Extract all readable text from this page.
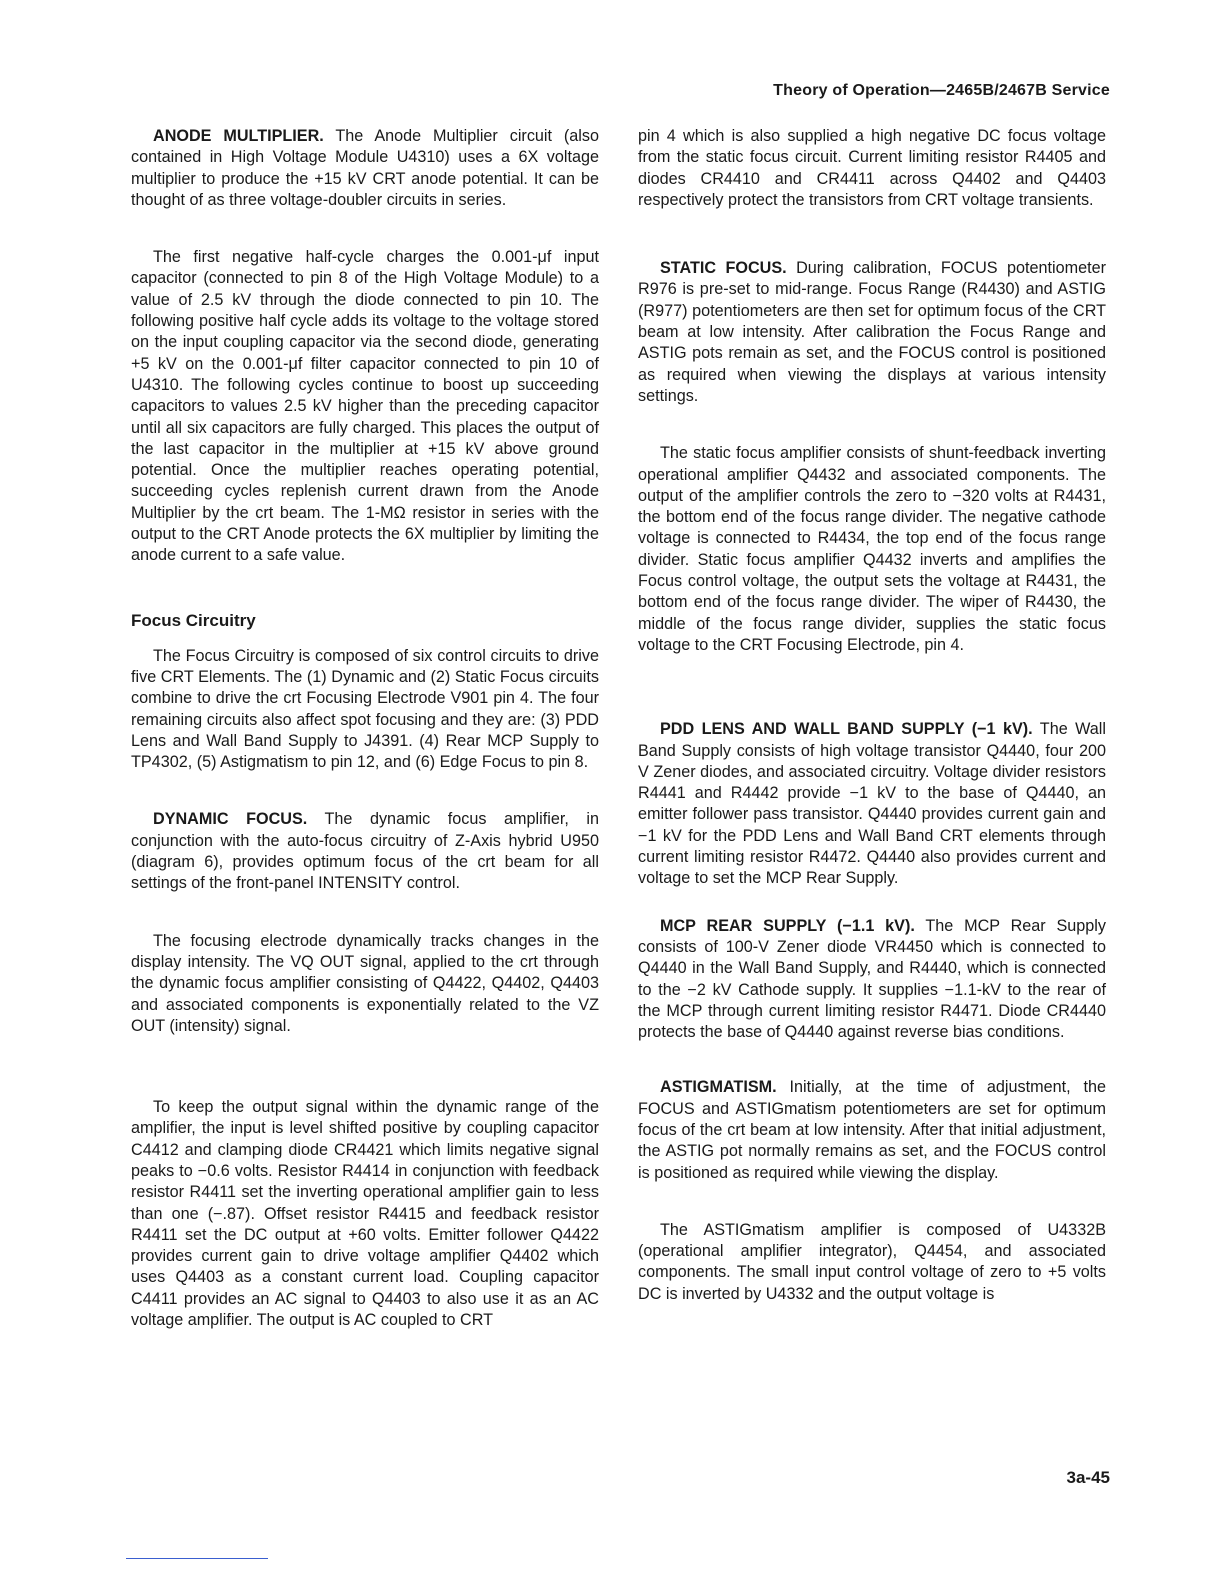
Theory of Operation—2465B/2467B Service

ANODE MULTIPLIER. The Anode Multiplier circuit (also contained in High Voltage Module U4310) uses a 6X voltage multiplier to produce the +15 kV CRT anode potential. It can be thought of as three voltage-doubler circuits in series.

The first negative half-cycle charges the 0.001-μf input capacitor (connected to pin 8 of the High Voltage Module) to a value of 2.5 kV through the diode connected to pin 10. The following positive half cycle adds its voltage to the voltage stored on the input coupling capacitor via the second diode, generating +5 kV on the 0.001-μf filter capacitor connected to pin 10 of U4310. The following cycles continue to boost up succeeding capacitors to values 2.5 kV higher than the preceding capacitor until all six capacitors are fully charged. This places the output of the last capacitor in the multiplier at +15 kV above ground potential. Once the multiplier reaches operating potential, succeeding cycles replenish current drawn from the Anode Multiplier by the crt beam. The 1-MΩ resistor in series with the output to the CRT Anode protects the 6X multiplier by limiting the anode current to a safe value.

Focus Circuitry

The Focus Circuitry is composed of six control circuits to drive five CRT Elements. The (1) Dynamic and (2) Static Focus circuits combine to drive the crt Focusing Electrode V901 pin 4. The four remaining circuits also affect spot focusing and they are: (3) PDD Lens and Wall Band Supply to J4391. (4) Rear MCP Supply to TP4302, (5) Astigmatism to pin 12, and (6) Edge Focus to pin 8.

DYNAMIC FOCUS. The dynamic focus amplifier, in conjunction with the auto-focus circuitry of Z-Axis hybrid U950 (diagram 6), provides optimum focus of the crt beam for all settings of the front-panel INTENSITY control.

The focusing electrode dynamically tracks changes in the display intensity. The VQ OUT signal, applied to the crt through the dynamic focus amplifier consisting of Q4422, Q4402, Q4403 and associated components is exponentially related to the VZ OUT (intensity) signal.

To keep the output signal within the dynamic range of the amplifier, the input is level shifted positive by coupling capacitor C4412 and clamping diode CR4421 which limits negative signal peaks to −0.6 volts. Resistor R4414 in conjunction with feedback resistor R4411 set the inverting operational amplifier gain to less than one (−.87). Offset resistor R4415 and feedback resistor R4411 set the DC output at +60 volts. Emitter follower Q4422 provides current gain to drive voltage amplifier Q4402 which uses Q4403 as a constant current load. Coupling capacitor C4411 provides an AC signal to Q4403 to also use it as an AC voltage amplifier. The output is AC coupled to CRT

pin 4 which is also supplied a high negative DC focus voltage from the static focus circuit. Current limiting resistor R4405 and diodes CR4410 and CR4411 across Q4402 and Q4403 respectively protect the transistors from CRT voltage transients.

STATIC FOCUS. During calibration, FOCUS potentiometer R976 is pre-set to mid-range. Focus Range (R4430) and ASTIG (R977) potentiometers are then set for optimum focus of the CRT beam at low intensity. After calibration the Focus Range and ASTIG pots remain as set, and the FOCUS control is positioned as required when viewing the displays at various intensity settings.

The static focus amplifier consists of shunt-feedback inverting operational amplifier Q4432 and associated components. The output of the amplifier controls the zero to −320 volts at R4431, the bottom end of the focus range divider. The negative cathode voltage is connected to R4434, the top end of the focus range divider. Static focus amplifier Q4432 inverts and amplifies the Focus control voltage, the output sets the voltage at R4431, the bottom end of the focus range divider. The wiper of R4430, the middle of the focus range divider, supplies the static focus voltage to the CRT Focusing Electrode, pin 4.

PDD LENS AND WALL BAND SUPPLY (−1 kV). The Wall Band Supply consists of high voltage transistor Q4440, four 200 V Zener diodes, and associated circuitry. Voltage divider resistors R4441 and R4442 provide −1 kV to the base of Q4440, an emitter follower pass transistor. Q4440 provides current gain and −1 kV for the PDD Lens and Wall Band CRT elements through current limiting resistor R4472. Q4440 also provides current and voltage to set the MCP Rear Supply.

MCP REAR SUPPLY (−1.1 kV). The MCP Rear Supply consists of 100-V Zener diode VR4450 which is connected to Q4440 in the Wall Band Supply, and R4440, which is connected to the −2 kV Cathode supply. It supplies −1.1-kV to the rear of the MCP through current limiting resistor R4471. Diode CR4440 protects the base of Q4440 against reverse bias conditions.

ASTIGMATISM. Initially, at the time of adjustment, the FOCUS and ASTIGmatism potentiometers are set for optimum focus of the crt beam at low intensity. After that initial adjustment, the ASTIG pot normally remains as set, and the FOCUS control is positioned as required while viewing the display.

The ASTIGmatism amplifier is composed of U4332B (operational amplifier integrator), Q4454, and associated components. The small input control voltage of zero to +5 volts DC is inverted by U4332 and the output voltage is

3a-45
